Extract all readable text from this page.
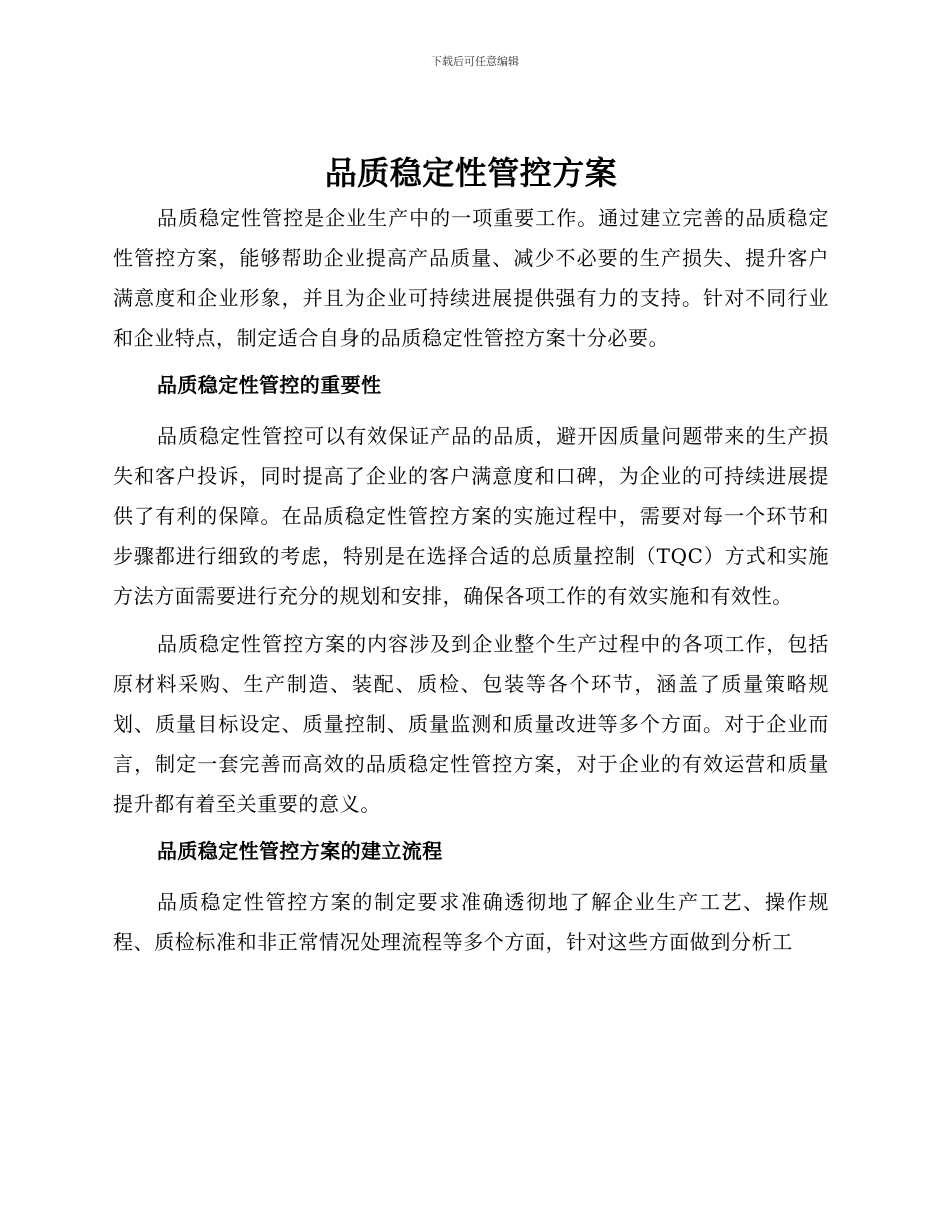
下载后可任意编辑
品质稳定性管控方案

品质稳定性管控是企业生产中的一项重要工作。通过建立完善的品质稳定性管控方案，能够帮助企业提高产品质量、减少不必要的生产损失、提升客户满意度和企业形象，并且为企业可持续进展提供强有力的支持。针对不同行业和企业特点，制定适合自身的品质稳定性管控方案十分必要。

品质稳定性管控的重要性

品质稳定性管控可以有效保证产品的品质，避开因质量问题带来的生产损失和客户投诉，同时提高了企业的客户满意度和口碑，为企业的可持续进展提供了有利的保障。在品质稳定性管控方案的实施过程中，需要对每一个环节和步骤都进行细致的考虑，特别是在选择合适的总质量控制（TQC）方式和实施方法方面需要进行充分的规划和安排，确保各项工作的有效实施和有效性。

品质稳定性管控方案的内容涉及到企业整个生产过程中的各项工作，包括原材料采购、生产制造、装配、质检、包装等各个环节，涵盖了质量策略规划、质量目标设定、质量控制、质量监测和质量改进等多个方面。对于企业而言，制定一套完善而高效的品质稳定性管控方案，对于企业的有效运营和质量提升都有着至关重要的意义。

品质稳定性管控方案的建立流程

品质稳定性管控方案的制定要求准确透彻地了解企业生产工艺、操作规程、质检标准和非正常情况处理流程等多个方面，针对这些方面做到分析工
